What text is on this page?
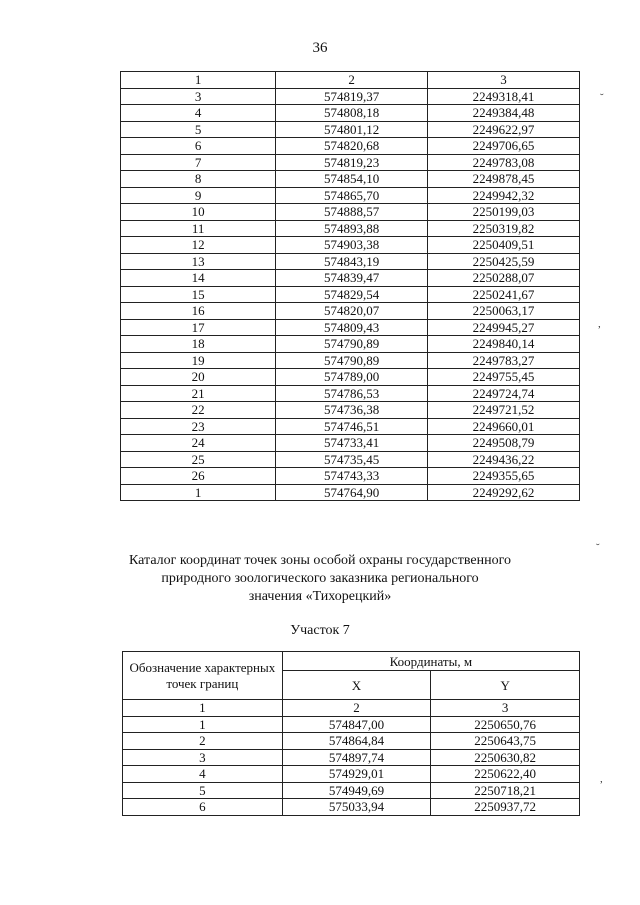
36
1	2	3
3	574819,37	2249318,41
4	574808,18	2249384,48
5	574801,12	2249622,97
6	574820,68	2249706,65
7	574819,23	2249783,08
8	574854,10	2249878,45
9	574865,70	2249942,32
10	574888,57	2250199,03
11	574893,88	2250319,82
12	574903,38	2250409,51
13	574843,19	2250425,59
14	574839,47	2250288,07
15	574829,54	2250241,67
16	574820,07	2250063,17
17	574809,43	2249945,27
18	574790,89	2249840,14
19	574790,89	2249783,27
20	574789,00	2249755,45
21	574786,53	2249724,74
22	574736,38	2249721,52
23	574746,51	2249660,01
24	574733,41	2249508,79
25	574735,45	2249436,22
26	574743,33	2249355,65
1	574764,90	2249292,62
Каталог координат точек зоны особой охраны государственного
природного зоологического заказника регионального
значения «Тихорецкий»
Участок 7
Обозначение характерных точек границ	Координаты, м	
	X	Y
1	2	3
1	574847,00	2250650,76
2	574864,84	2250643,75
3	574897,74	2250630,82
4	574929,01	2250622,40
5	574949,69	2250718,21
6	575033,94	2250937,72
˘
,
˘
,
